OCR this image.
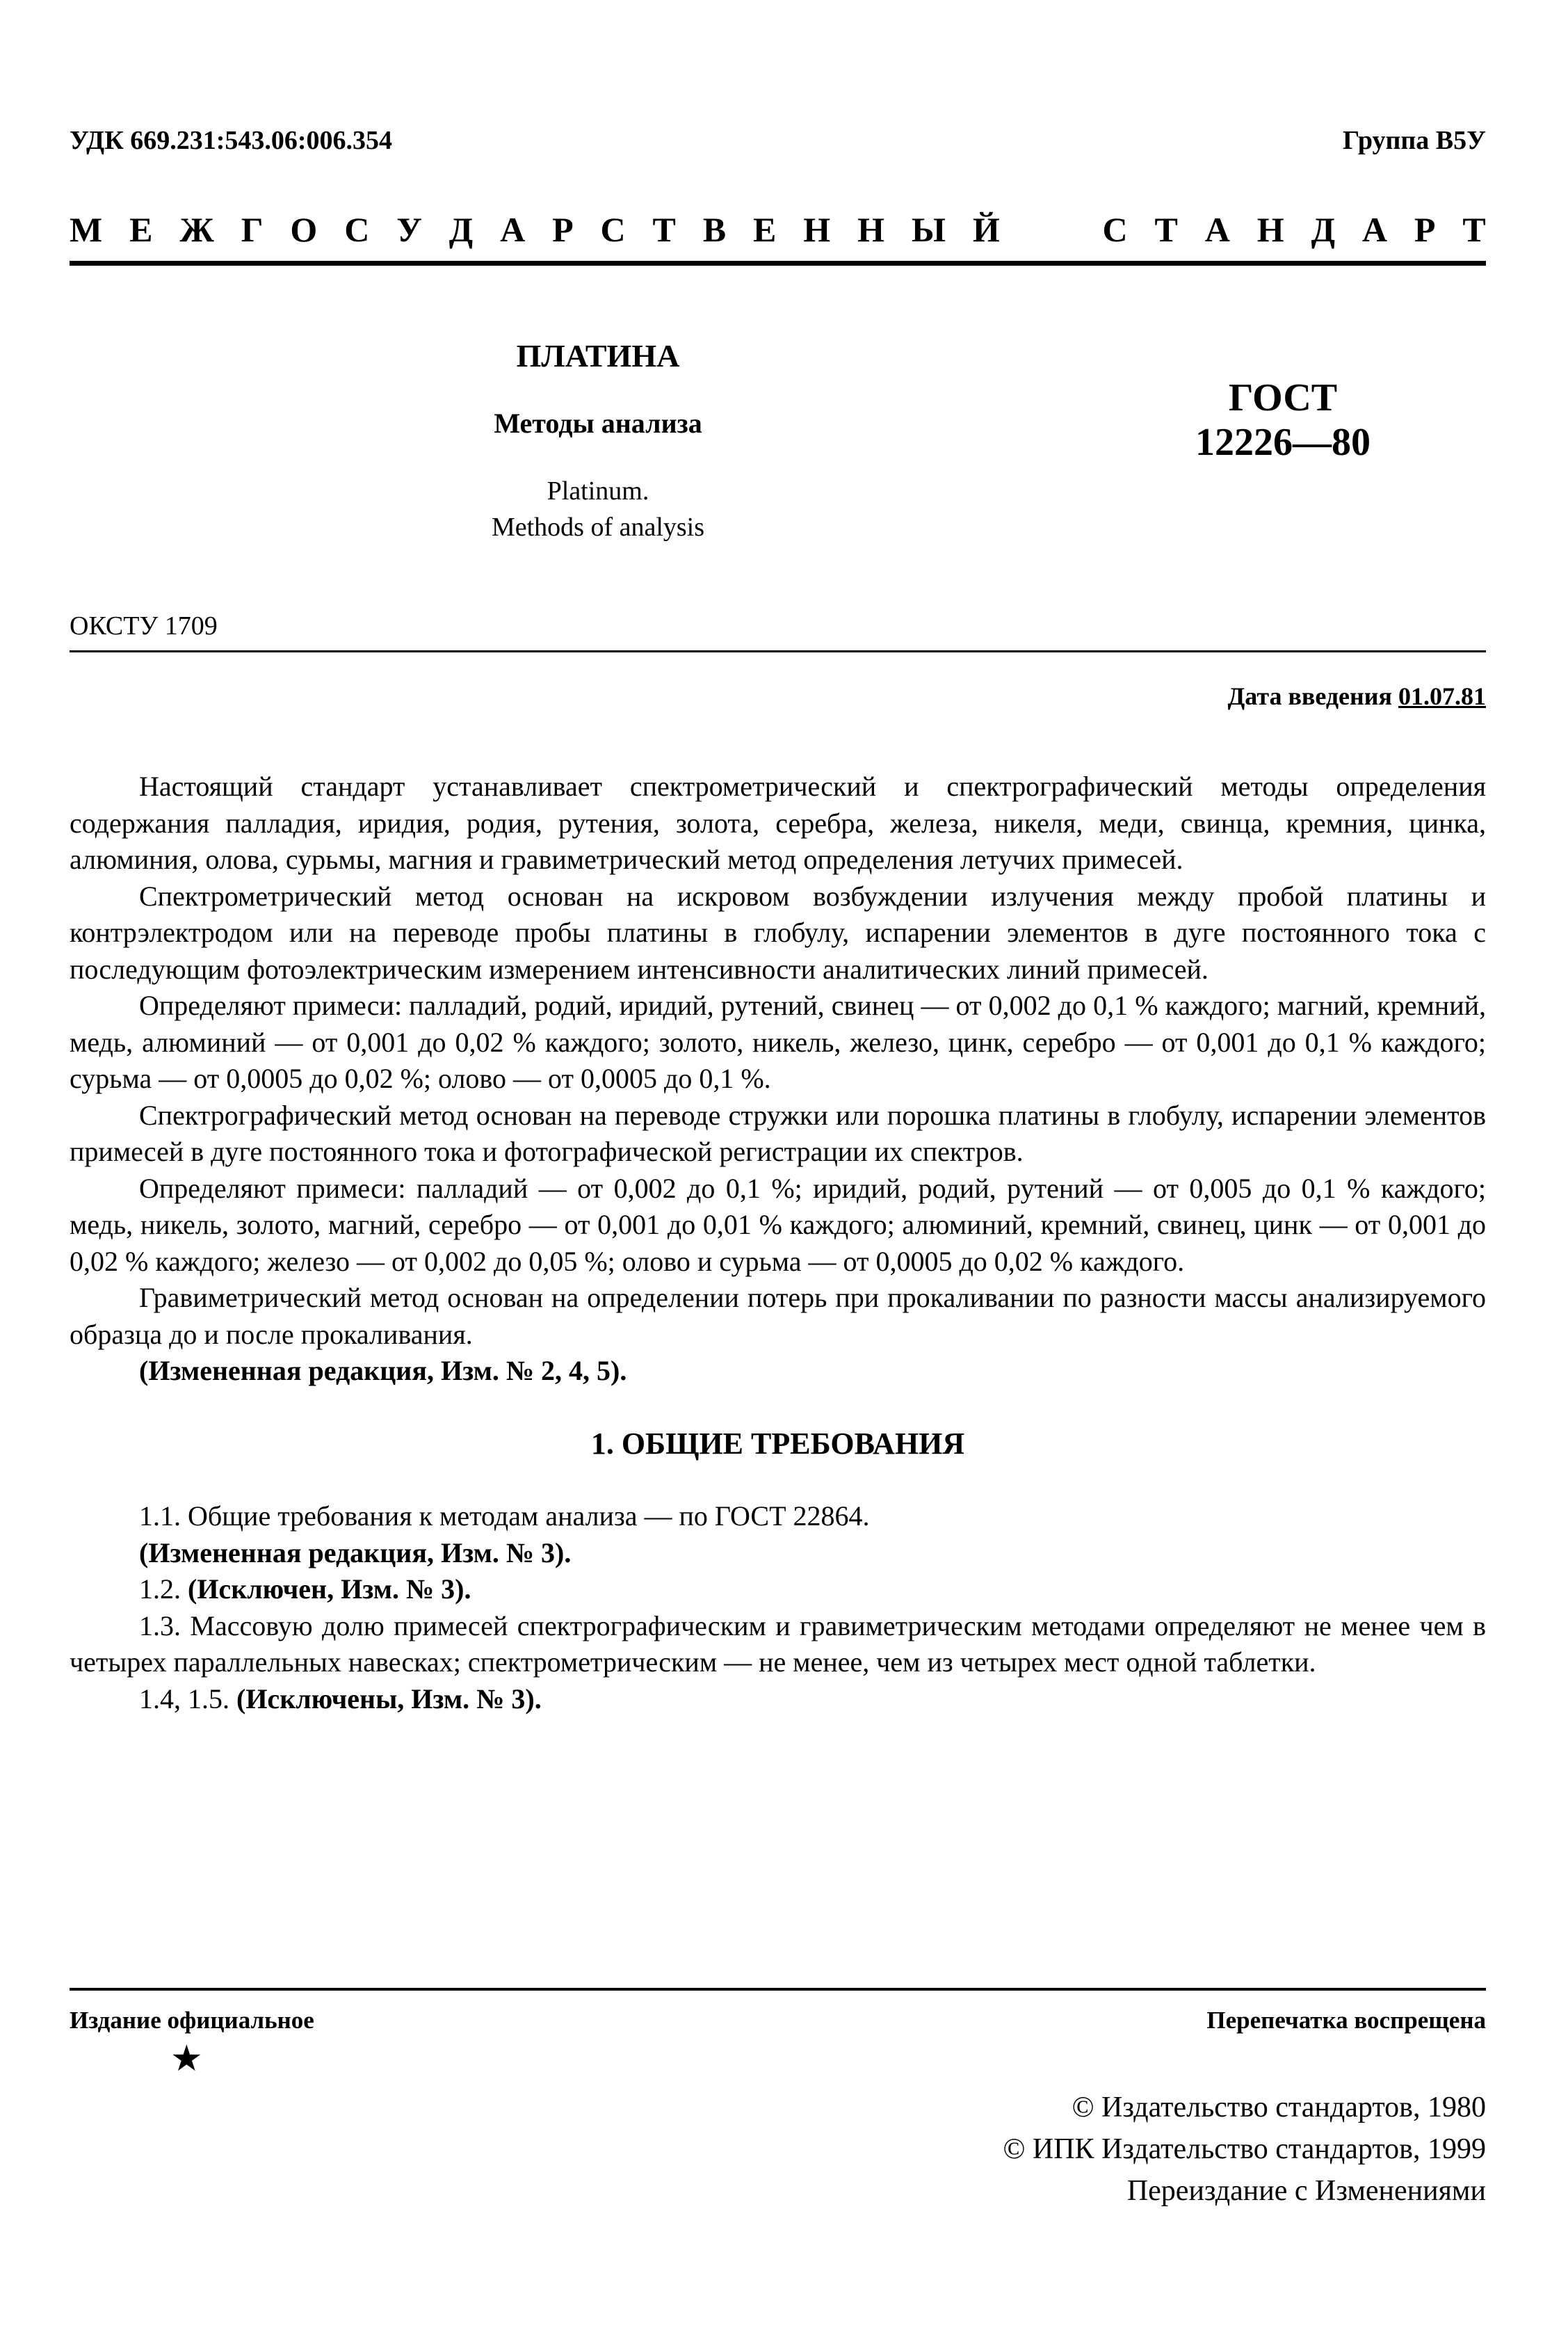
УДК 669.231:543.06:006.354	Группа В5У
М Е Ж Г О С У Д А Р С Т В Е Н Н Ы Й	С Т А Н Д А Р Т
ПЛАТИНА
Методы анализа
Platinum.
Methods of analysis
ГОСТ
12226—80
ОКСТУ 1709
Дата введения 01.07.81

Настоящий стандарт устанавливает спектрометрический и спектрографический методы определения содержания палладия, иридия, родия, рутения, золота, серебра, железа, никеля, меди, свинца, кремния, цинка, алюминия, олова, сурьмы, магния и гравиметрический метод определения летучих примесей.

Спектрометрический метод основан на искровом возбуждении излучения между пробой платины и контрэлектродом или на переводе пробы платины в глобулу, испарении элементов в дуге постоянного тока с последующим фотоэлектрическим измерением интенсивности аналитических линий примесей.

Определяют примеси: палладий, родий, иридий, рутений, свинец — от 0,002 до 0,1 % каждого; магний, кремний, медь, алюминий — от 0,001 до 0,02 % каждого; золото, никель, железо, цинк, серебро — от 0,001 до 0,1 % каждого; сурьма — от 0,0005 до 0,02 %; олово — от 0,0005 до 0,1 %.

Спектрографический метод основан на переводе стружки или порошка платины в глобулу, испарении элементов примесей в дуге постоянного тока и фотографической регистрации их спектров.

Определяют примеси: палладий — от 0,002 до 0,1 %; иридий, родий, рутений — от 0,005 до 0,1 % каждого; медь, никель, золото, магний, серебро — от 0,001 до 0,01 % каждого; алюминий, кремний, свинец, цинк — от 0,001 до 0,02 % каждого; железо — от 0,002 до 0,05 %; олово и сурьма — от 0,0005 до 0,02 % каждого.

Гравиметрический метод основан на определении потерь при прокаливании по разности массы анализируемого образца до и после прокаливания.

(Измененная редакция, Изм. № 2, 4, 5).

1. ОБЩИЕ ТРЕБОВАНИЯ

1.1. Общие требования к методам анализа — по ГОСТ 22864.

(Измененная редакция, Изм. № 3).

1.2. (Исключен, Изм. № 3).

1.3. Массовую долю примесей спектрографическим и гравиметрическим методами определяют не менее чем в четырех параллельных навесках; спектрометрическим — не менее, чем из четырех мест одной таблетки.

1.4, 1.5. (Исключены, Изм. № 3).

Издание официальное	Перепечатка воспрещена
★
© Издательство стандартов, 1980
© ИПК Издательство стандартов, 1999
Переиздание с Изменениями
